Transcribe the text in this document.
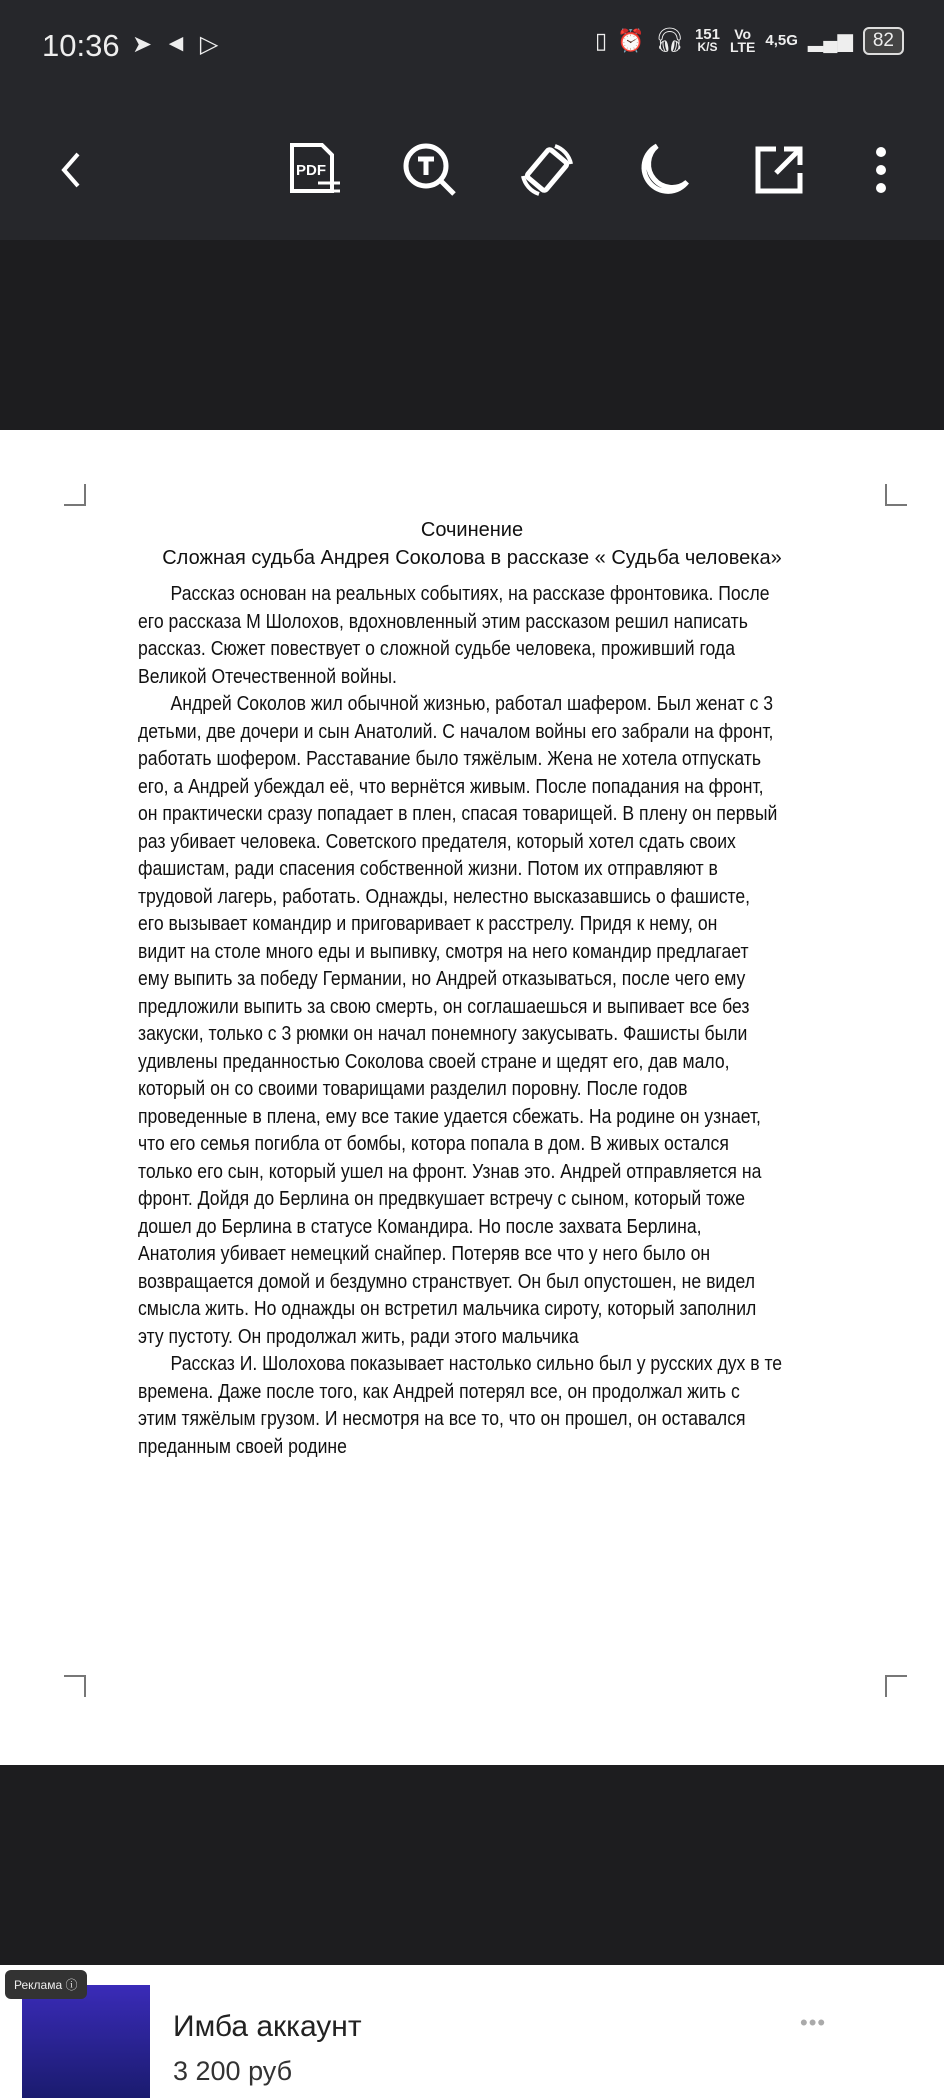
10:36 ➤ ◄ ▷	▯ ⏰ 🎧︎ 151
K/S
Vo
LTE 4,5G ▂▄▆	82
PDF
Сочинение
Сложная судьба Андрея Соколова в рассказе « Судьба человека»
Рассказ основан на реальных событиях, на рассказе фронтовика. После
его рассказа М Шолохов, вдохновленный этим рассказом решил написать
рассказ. Сюжет повествует о сложной судьбе человека, проживший года
Великой Отечественной войны.
Андрей Соколов жил обычной жизнью, работал шафером. Был женат с 3
детьми, две дочери и сын Анатолий. С началом войны его забрали на фронт,
работать шофером. Расставание было тяжёлым. Жена не хотела отпускать
его, а Андрей убеждал её, что вернётся живым. После попадания на фронт,
он практически сразу попадает в плен, спасая товарищей. В плену он первый
раз убивает человека. Советского предателя, который хотел сдать своих
фашистам, ради спасения собственной жизни. Потом их отправляют в
трудовой лагерь, работать. Однажды, нелестно высказавшись о фашисте,
его вызывает командир и приговаривает к расстрелу. Придя к нему, он
видит на столе много еды и выпивку, смотря на него командир предлагает
ему выпить за победу Германии, но Андрей отказываться, после чего ему
предложили выпить за свою смерть, он соглашаешься и выпивает все без
закуски, только с 3 рюмки он начал понемногу закусывать. Фашисты были
удивлены преданностью Соколова своей стране и щедят его, дав мало,
который он со своими товарищами разделил поровну. После годов
проведенные в плена, ему все такие удается сбежать. На родине он узнает,
что его семья погибла от бомбы, котора попала в дом. В живых остался
только его сын, который ушел на фронт. Узнав это. Андрей отправляется на
фронт. Дойдя до Берлина он предвкушает встречу с сыном, который тоже
дошел до Берлина в статусе Командира. Но после захвата Берлина,
Анатолия убивает немецкий снайпер. Потеряв все что у него было он
возвращается домой и бездумно странствует. Он был опустошен, не видел
смысла жить. Но однажды он встретил мальчика сироту, который заполнил
эту пустоту. Он продолжал жить, ради этого мальчика
Рассказ И. Шолохова показывает настолько сильно был у русских дух в те
времена. Даже после того, как Андрей потерял все, он продолжал жить с
этим тяжёлым грузом. И несмотря на все то, что он прошел, он оставался
преданным своей родине
Реклама ⓘ
Имба аккаунт
3 200 руб
•••
